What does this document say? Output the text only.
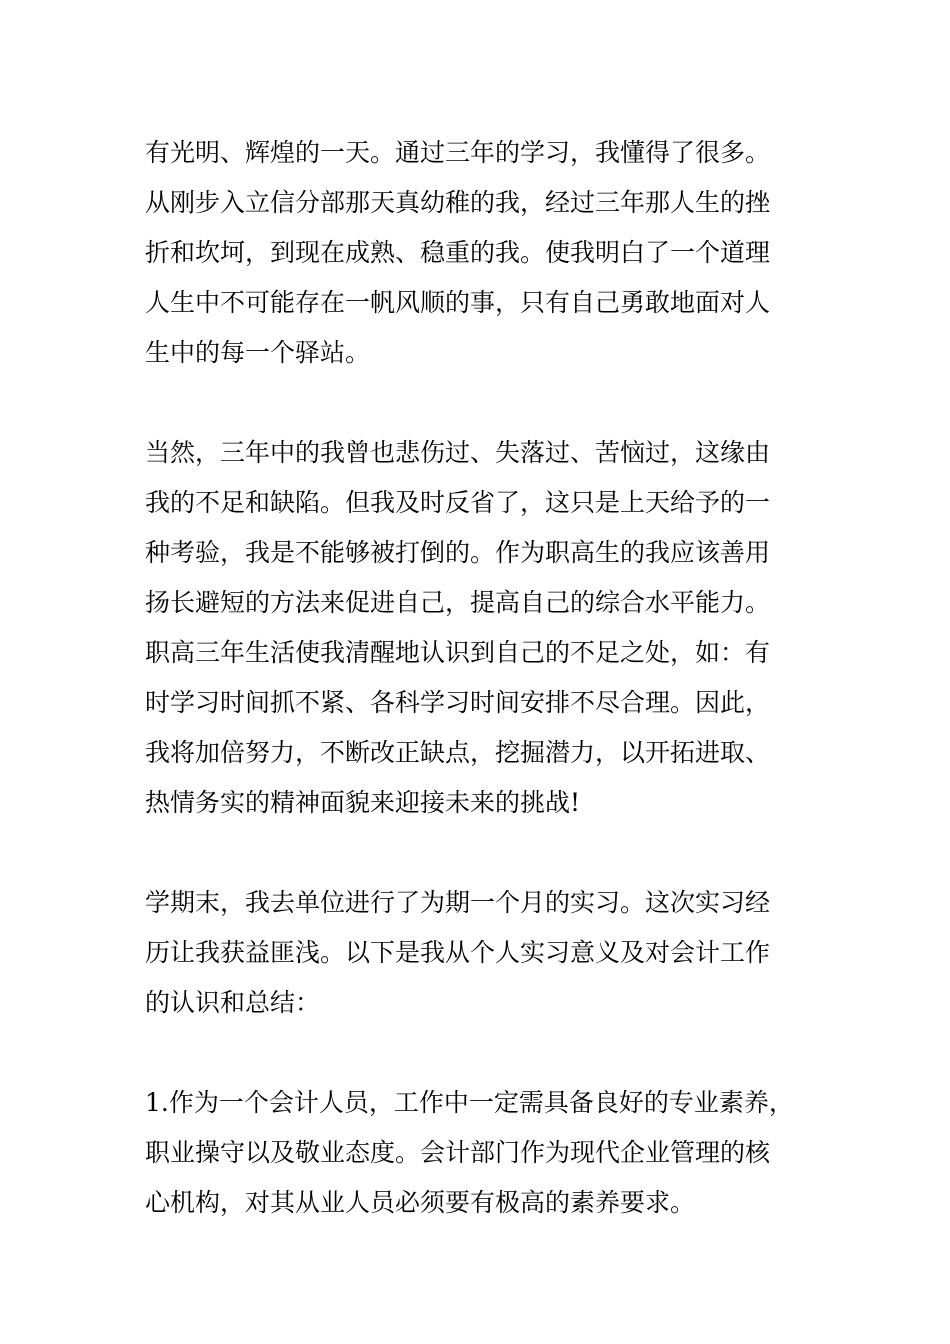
有光明、辉煌的一天。通过三年的学习，我懂得了很多。
从刚步入立信分部那天真幼稚的我，经过三年那人生的挫
折和坎坷，到现在成熟、稳重的我。使我明白了一个道理
人生中不可能存在一帆风顺的事，只有自己勇敢地面对人
生中的每一个驿站。
当然，三年中的我曾也悲伤过、失落过、苦恼过，这缘由
我的不足和缺陷。但我及时反省了，这只是上天给予的一
种考验，我是不能够被打倒的。作为职高生的我应该善用
扬长避短的方法来促进自己，提高自己的综合水平能力。
职高三年生活使我清醒地认识到自己的不足之处，如：有
时学习时间抓不紧、各科学习时间安排不尽合理。因此，
我将加倍努力，不断改正缺点，挖掘潜力，以开拓进取、
热情务实的精神面貌来迎接未来的挑战!
学期末，我去单位进行了为期一个月的实习。这次实习经
历让我获益匪浅。以下是我从个人实习意义及对会计工作
的认识和总结：
1.作为一个会计人员，工作中一定需具备良好的专业素养，
职业操守以及敬业态度。会计部门作为现代企业管理的核
心机构，对其从业人员必须要有极高的素养要求。
